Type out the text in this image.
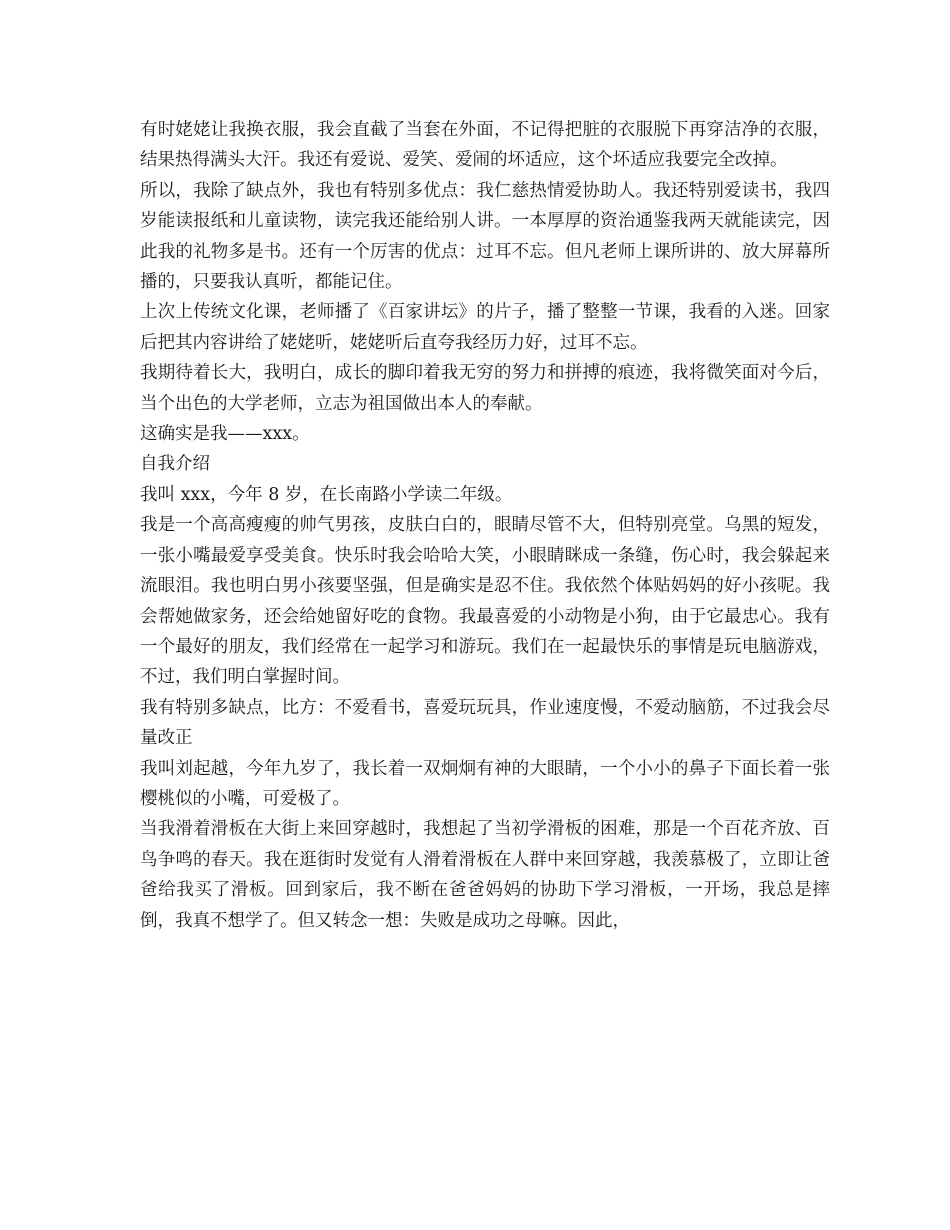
有时姥姥让我换衣服，我会直截了当套在外面，不记得把脏的衣服脱下再穿洁净的衣服，结果热得满头大汗。我还有爱说、爱笑、爱闹的坏适应，这个坏适应我要完全改掉。

所以，我除了缺点外，我也有特别多优点：我仁慈热情爱协助人。我还特别爱读书，我四岁能读报纸和儿童读物，读完我还能给别人讲。一本厚厚的资治通鉴我两天就能读完，因此我的礼物多是书。还有一个厉害的优点：过耳不忘。但凡老师上课所讲的、放大屏幕所播的，只要我认真听，都能记住。

上次上传统文化课，老师播了《百家讲坛》的片子，播了整整一节课，我看的入迷。回家后把其内容讲给了姥姥听，姥姥听后直夸我经历力好，过耳不忘。

我期待着长大，我明白，成长的脚印着我无穷的努力和拼搏的痕迹，我将微笑面对今后，当个出色的大学老师，立志为祖国做出本人的奉献。

这确实是我——xxx。

自我介绍

我叫 xxx，今年 8 岁，在长南路小学读二年级。

我是一个高高瘦瘦的帅气男孩，皮肤白白的，眼睛尽管不大，但特别亮堂。乌黑的短发，一张小嘴最爱享受美食。快乐时我会哈哈大笑，小眼睛眯成一条缝，伤心时，我会躲起来流眼泪。我也明白男小孩要坚强，但是确实是忍不住。我依然个体贴妈妈的好小孩呢。我会帮她做家务，还会给她留好吃的食物。我最喜爱的小动物是小狗，由于它最忠心。我有一个最好的朋友，我们经常在一起学习和游玩。我们在一起最快乐的事情是玩电脑游戏，不过，我们明白掌握时间。

我有特别多缺点，比方：不爱看书，喜爱玩玩具，作业速度慢，不爱动脑筋，不过我会尽量改正

我叫刘起越，今年九岁了，我长着一双炯炯有神的大眼睛，一个小小的鼻子下面长着一张樱桃似的小嘴，可爱极了。

当我滑着滑板在大街上来回穿越时，我想起了当初学滑板的困难，那是一个百花齐放、百鸟争鸣的春天。我在逛街时发觉有人滑着滑板在人群中来回穿越，我羡慕极了，立即让爸爸给我买了滑板。回到家后，我不断在爸爸妈妈的协助下学习滑板，一开场，我总是摔倒，我真不想学了。但又转念一想：失败是成功之母嘛。因此，
